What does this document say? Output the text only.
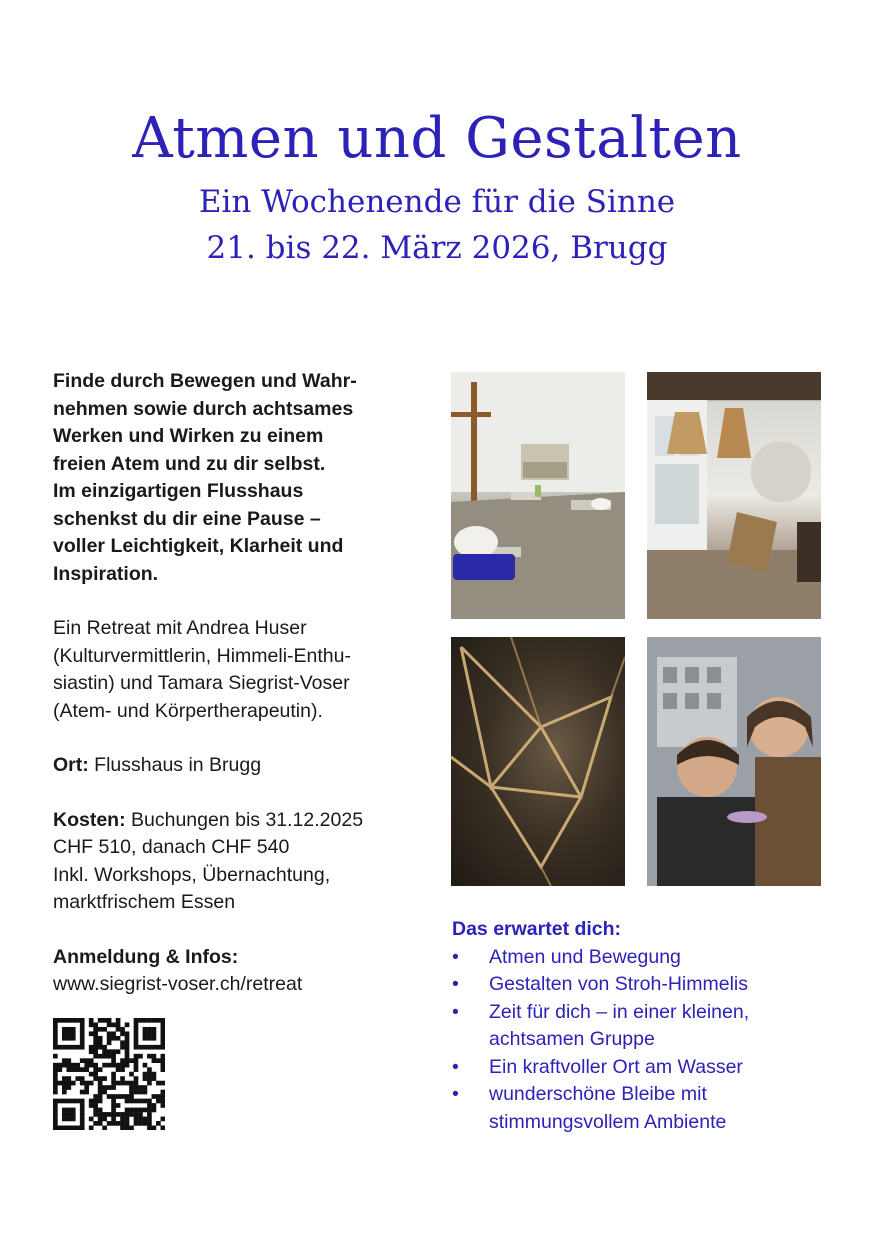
Atmen und Gestalten
Ein Wochenende für die Sinne
21. bis 22. März 2026, Brugg

Finde durch Bewegen und Wahr-
nehmen sowie durch achtsames
Werken und Wirken zu einem
freien Atem und zu dir selbst.
Im einzigartigen Flusshaus
schenkst du dir eine Pause –
voller Leichtigkeit, Klarheit und
Inspiration.

Ein Retreat mit Andrea Huser
(Kulturvermittlerin, Himmeli-Enthu-
siastin) und Tamara Siegrist-Voser
(Atem- und Körpertherapeutin).

Ort: Flusshaus in Brugg

Kosten: Buchungen bis 31.12.2025
CHF 510, danach CHF 540
Inkl. Workshops, Übernachtung,
marktfrischem Essen

Anmeldung & Infos:
www.siegrist-voser.ch/retreat

Das erwartet dich:

• Atmen und Bewegung
• Gestalten von Stroh-Himmelis
• Zeit für dich – in einer kleinen,
achtsamen Gruppe
• Ein kraftvoller Ort am Wasser
• wunderschöne Bleibe mit
stimmungsvollem Ambiente
